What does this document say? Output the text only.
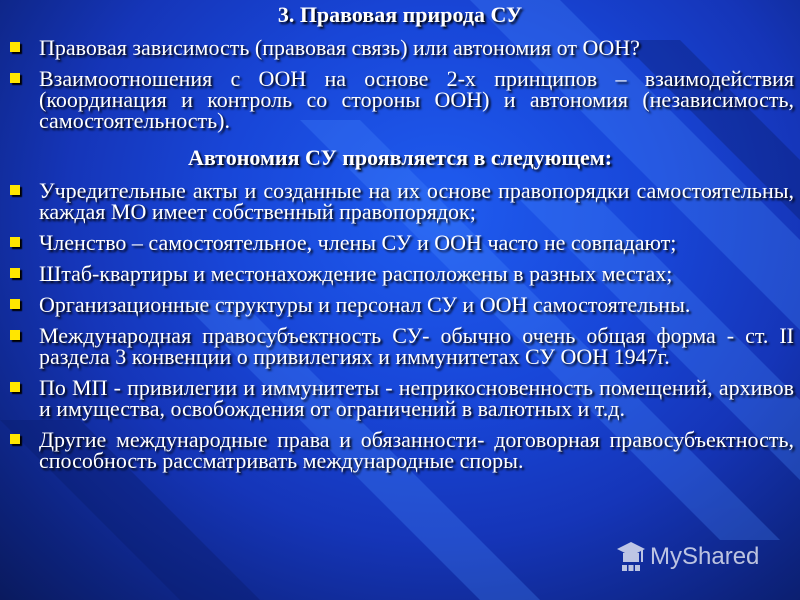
3. Правовая природа СУ
Правовая зависимость (правовая связь) или автономия от ООН?
Взаимоотношения с ООН на основе 2-х принципов – взаимодействия (координация и контроль со стороны ООН) и автономия (независимость, самостоятельность).
Автономия СУ проявляется в следующем:
Учредительные акты и созданные на их основе правопорядки самостоятельны, каждая МО имеет собственный правопорядок;
Членство – самостоятельное, члены СУ и ООН часто не совпадают;
Штаб-квартиры и местонахождение расположены в разных местах;
Организационные структуры и персонал СУ и ООН самостоятельны.
Международная правосубъектность СУ- обычно очень общая форма - ст. II раздела 3 конвенции о привилегиях и иммунитетах СУ ООН 1947г.
По МП - привилегии и иммунитеты - неприкосновенность помещений, архивов и имущества, освобождения от ограничений в валютных и т.д.
Другие международные права и обязанности- договорная правосубъектность, способность рассматривать международные споры.
MyShared
